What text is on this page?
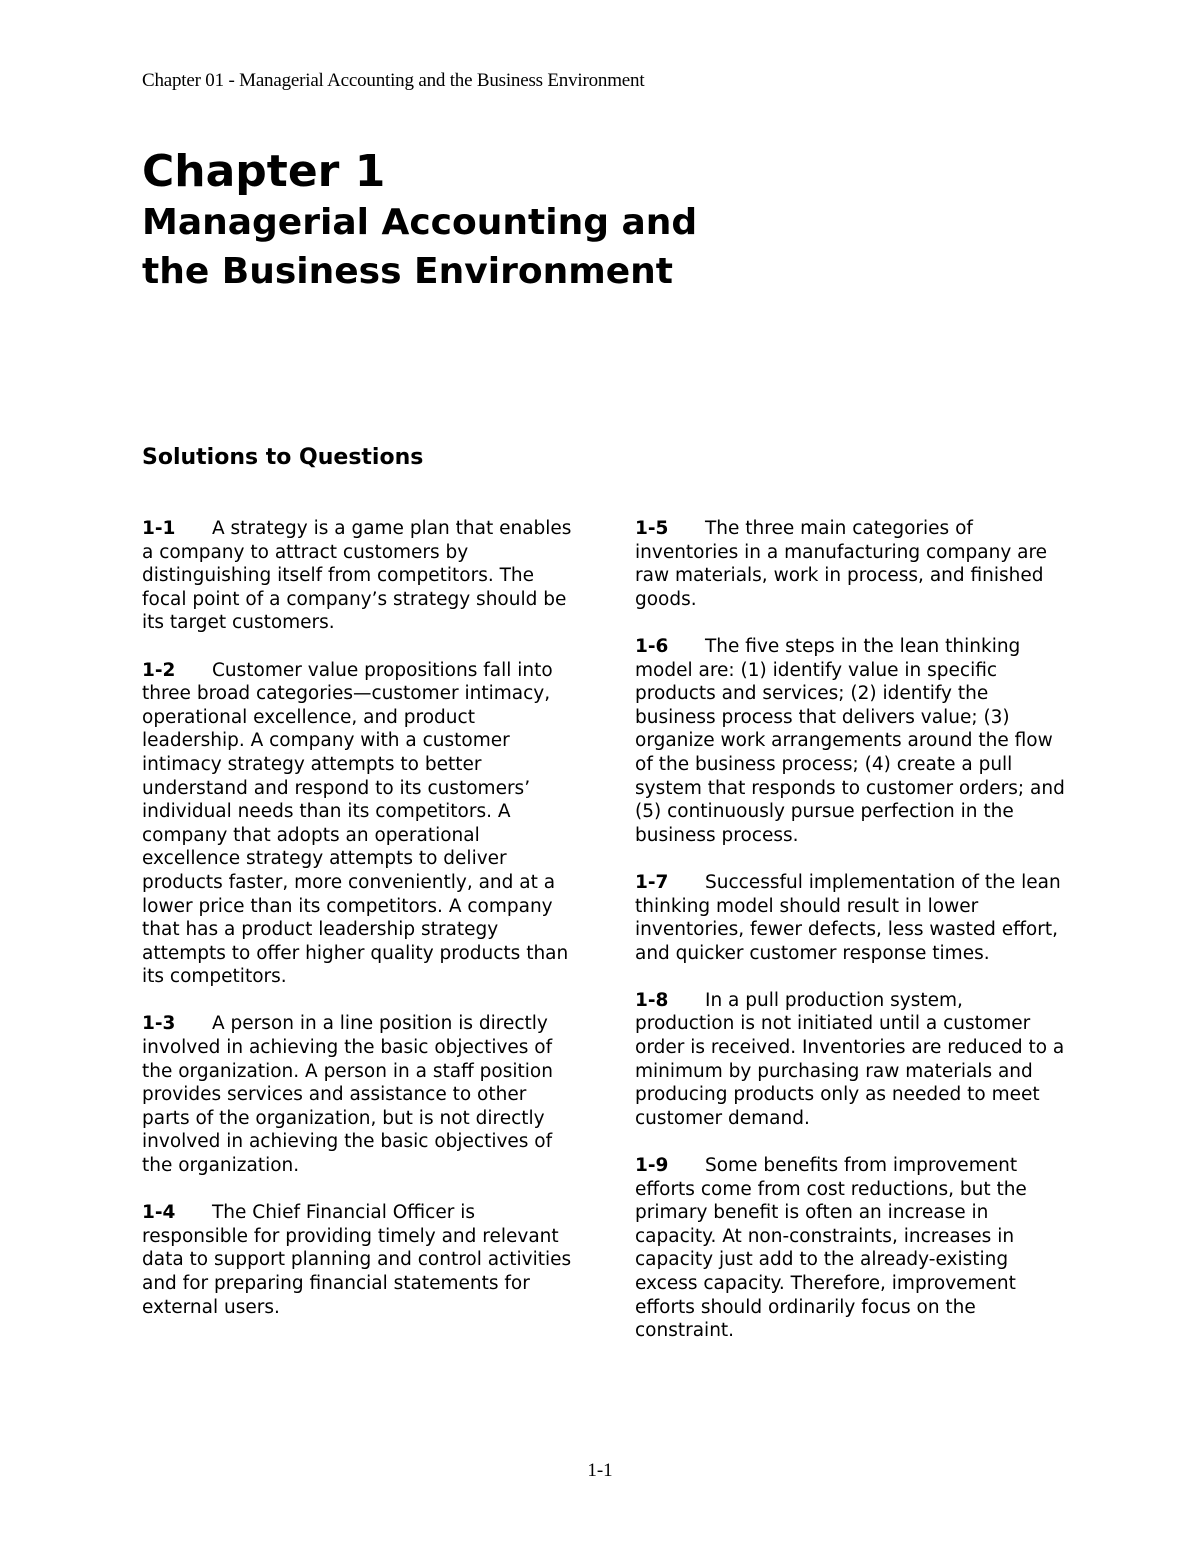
Chapter 01 - Managerial Accounting and the Business Environment
Chapter 1
Managerial Accounting and the Business Environment
Solutions to Questions

1-1 A strategy is a game plan that enables a company to attract customers by distinguishing itself from competitors. The focal point of a company’s strategy should be its target customers.

1-2 Customer value propositions fall into three broad categories—customer intimacy, operational excellence, and product leadership. A company with a customer intimacy strategy attempts to better understand and respond to its customers’ individual needs than its competitors. A company that adopts an operational excellence strategy attempts to deliver products faster, more conveniently, and at a lower price than its competitors. A company that has a product leadership strategy attempts to offer higher quality products than its competitors.

1-3 A person in a line position is directly involved in achieving the basic objectives of the organization. A person in a staff position provides services and assistance to other parts of the organization, but is not directly involved in achieving the basic objectives of the organization.

1-4 The Chief Financial Officer is responsible for providing timely and relevant data to support planning and control activities and for preparing financial statements for external users.

1-5 The three main categories of inventories in a manufacturing company are raw materials, work in process, and finished goods.

1-6 The five steps in the lean thinking model are: (1) identify value in specific products and services; (2) identify the business process that delivers value; (3) organize work arrangements around the flow of the business process; (4) create a pull system that responds to customer orders; and (5) continuously pursue perfection in the business process.

1-7 Successful implementation of the lean thinking model should result in lower inventories, fewer defects, less wasted effort, and quicker customer response times.

1-8 In a pull production system, production is not initiated until a customer order is received. Inventories are reduced to a minimum by purchasing raw materials and producing products only as needed to meet customer demand.

1-9 Some benefits from improvement efforts come from cost reductions, but the primary benefit is often an increase in capacity. At non-constraints, increases in capacity just add to the already-existing excess capacity. Therefore, improvement efforts should ordinarily focus on the constraint.

1-1
